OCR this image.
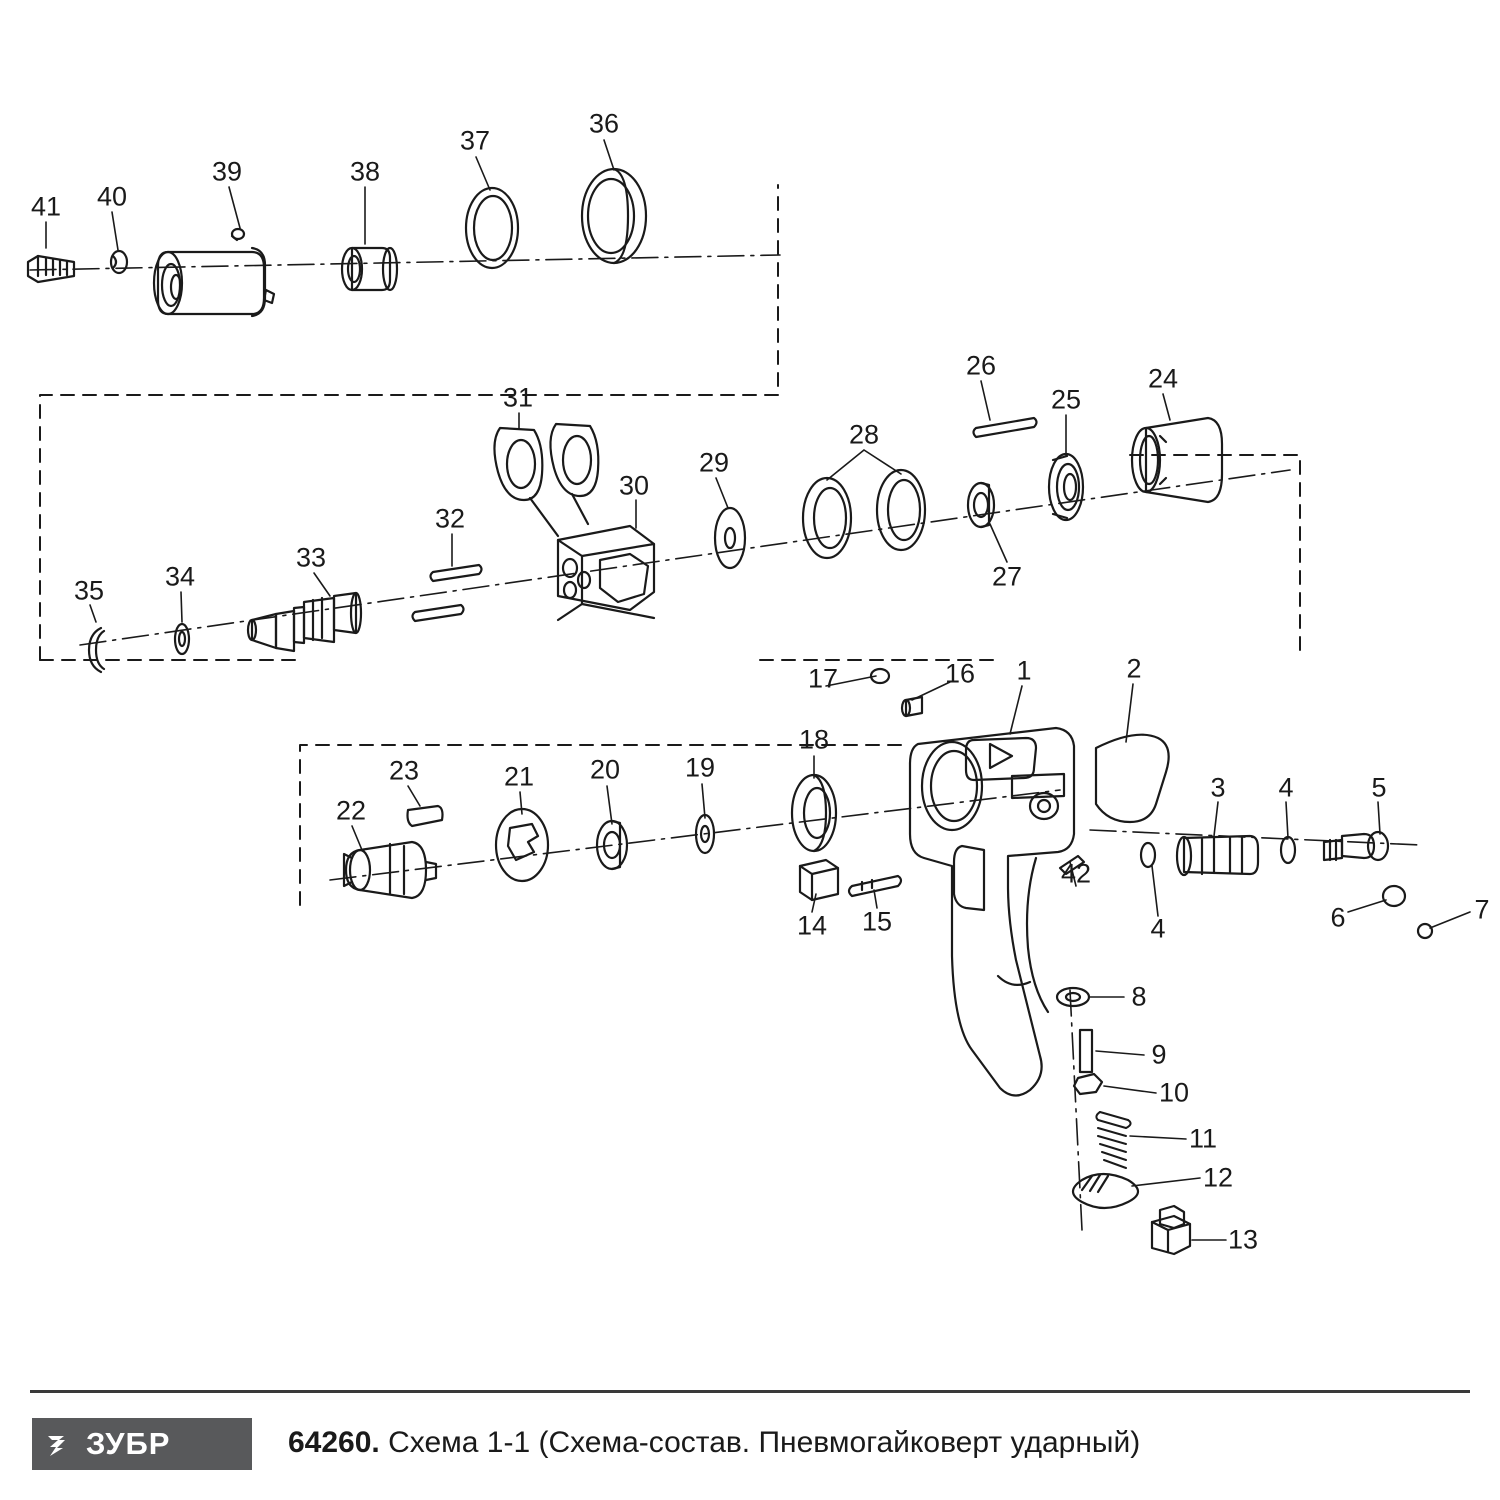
41 40
39	38
37
36
26
25
24
31
28
29
30
27
32
33
34
35
17	16 1	2
18
19
20
21
23
22
3 4	5
6	7
4
42
14 15
8
9
10
11
12
13
ЗУБР	64260. Схема 1-1 (Схема-состав. Пневмогайковерт ударный)
